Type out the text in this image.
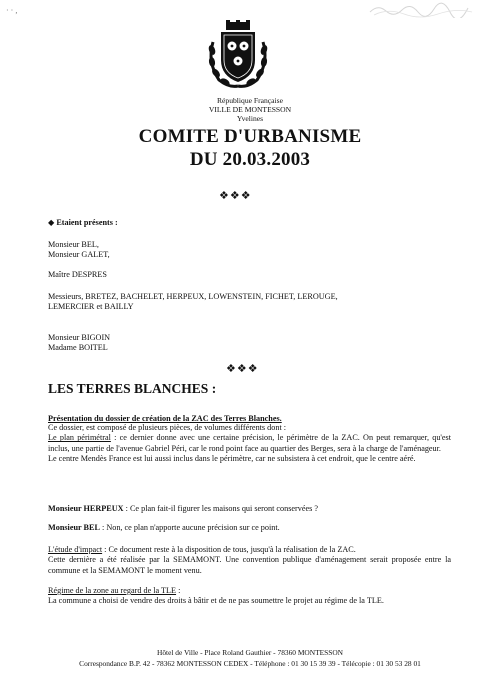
· · ,
République Française
VILLE DE MONTESSON
Yvelines
COMITE D'URBANISME
DU 20.03.2003
❖❖❖
◆ Etaient présents :
Monsieur BEL,
Monsieur GALET,
Maître DESPRES
Messieurs, BRETEZ, BACHELET, HERPEUX, LOWENSTEIN, FICHET, LEROUGE,
LEMERCIER et BAILLY
Monsieur BIGOIN
Madame BOITEL
❖❖❖
LES TERRES BLANCHES :
Présentation du dossier de création de la ZAC des Terres Blanches.
Ce dossier, est composé de plusieurs pièces, de volumes différents dont :
Le plan périmétral : ce dernier donne avec une certaine précision, le périmètre de la ZAC. On peut remarquer, qu'est inclus, une partie de l'avenue Gabriel Péri, car le rond point face au quartier des Berges, sera à la charge de l'aménageur.
Le centre Mendès France est lui aussi inclus dans le périmètre, car ne subsistera à cet endroit, que le centre aéré.
Monsieur HERPEUX : Ce plan fait-il figurer les maisons qui seront conservées ?
Monsieur BEL : Non, ce plan n'apporte aucune précision sur ce point.
L'étude d'impact : Ce document reste à la disposition de tous, jusqu'à la réalisation de la ZAC.
Cette dernière a été réalisée par la SEMAMONT. Une convention publique d'aménagement serait proposée entre la commune et la SEMAMONT le moment venu.
Régime de la zone au regard de la TLE :
La commune a choisi de vendre des droits à bâtir et de ne pas soumettre le projet au régime de la TLE.
Hôtel de Ville - Place Roland Gauthier - 78360 MONTESSON
Correspondance B.P. 42 - 78362 MONTESSON CEDEX - Téléphone : 01 30 15 39 39 - Télécopie : 01 30 53 28 01
